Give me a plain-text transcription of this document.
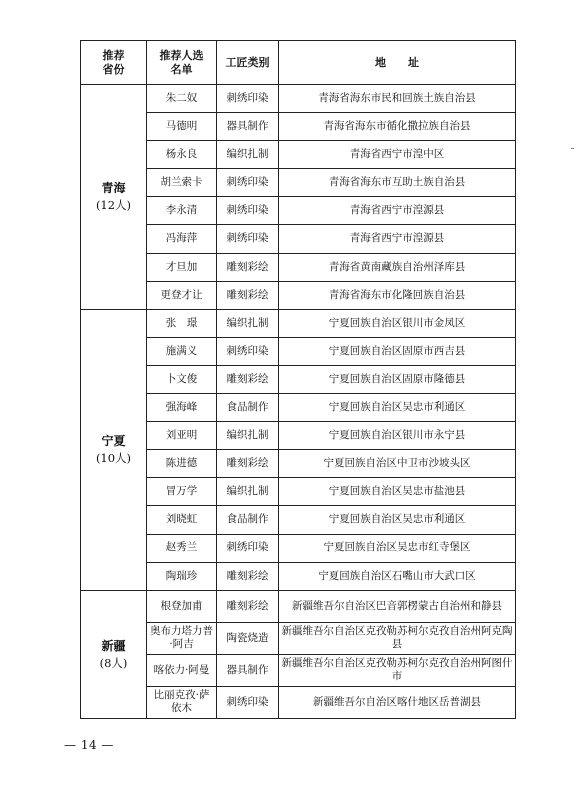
推荐
省份	推荐人选
名单	工匠类别	地　　址

青海
(12人)	朱二奴	刺绣印染	青海省海东市民和回族土族自治县
	马德明	器具制作	青海省海东市循化撒拉族自治县
	杨永良	编织扎制	青海省西宁市湟中区
	胡兰索卡	刺绣印染	青海省海东市互助土族自治县
	李永清	刺绣印染	青海省西宁市湟源县
	冯海萍	刺绣印染	青海省西宁市湟源县
	才旦加	雕刻彩绘	青海省黄南藏族自治州泽库县
	更登才让	雕刻彩绘	青海省海东市化隆回族自治县

宁夏
(10人)	张　璟	编织扎制	宁夏回族自治区银川市金凤区
	施满义	刺绣印染	宁夏回族自治区固原市西吉县
	卜文俊	雕刻彩绘	宁夏回族自治区固原市隆德县
	强海峰	食品制作	宁夏回族自治区吴忠市利通区
	刘亚明	编织扎制	宁夏回族自治区银川市永宁县
	陈进德	雕刻彩绘	宁夏回族自治区中卫市沙坡头区
	冒万学	编织扎制	宁夏回族自治区吴忠市盐池县
	刘晓虹	食品制作	宁夏回族自治区吴忠市利通区
	赵秀兰	刺绣印染	宁夏回族自治区吴忠市红寺堡区
	陶瑞珍	雕刻彩绘	宁夏回族自治区石嘴山市大武口区

新疆
(8人)	根登加甫	雕刻彩绘	新疆维吾尔自治区巴音郭楞蒙古自治州和静县
	奥布力塔力普·阿吉	陶瓷烧造	新疆维吾尔自治区克孜勒苏柯尔克孜自治州阿克陶县
	喀依力·阿曼	器具制作	新疆维吾尔自治区克孜勒苏柯尔克孜自治州阿图什市
	比丽克孜·萨依木	刺绣印染	新疆维吾尔自治区喀什地区岳普湖县
— 14 —
